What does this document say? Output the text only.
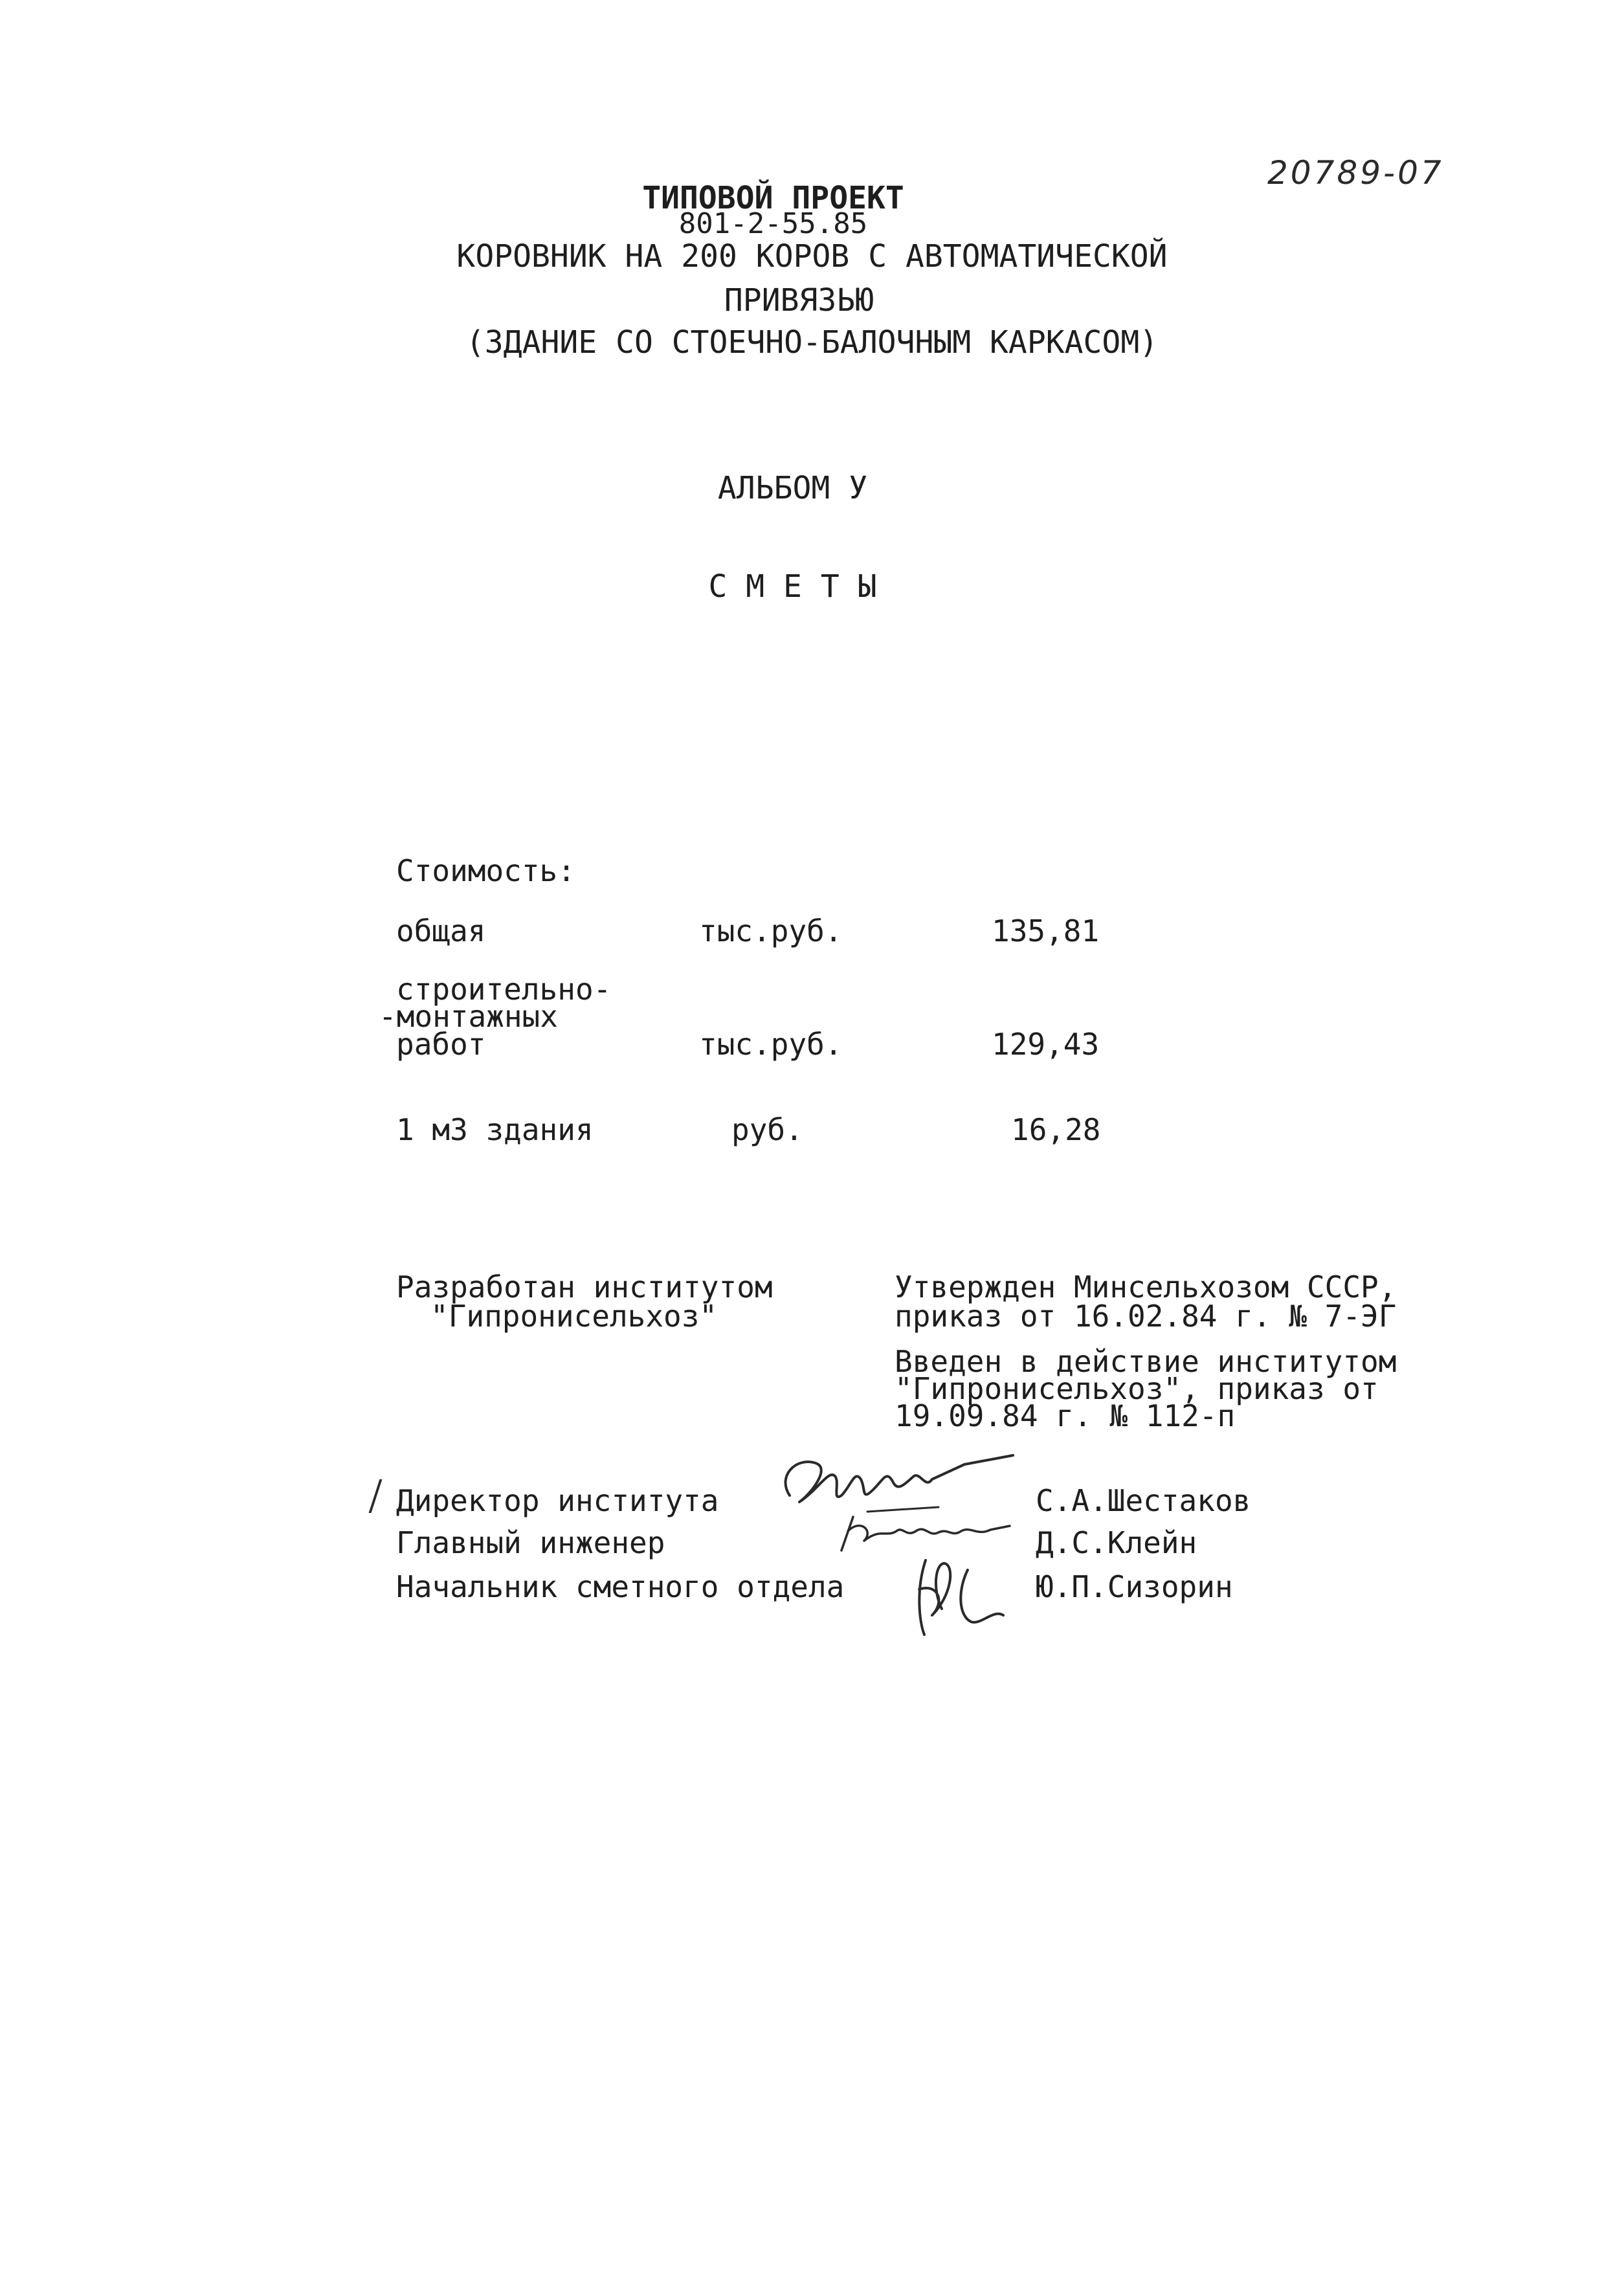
20789-07
ТИПОВОЙ ПРОЕКТ
801-2-55.85
КОРОВНИК НА 200 КОРОВ С АВТОМАТИЧЕСКОЙ
ПРИВЯЗЬЮ
(ЗДАНИЕ СО СТОЕЧНО-БАЛОЧНЫМ КАРКАСОМ)
АЛЬБОМ У
С М Е Т Ы
Стоимость:
общая	тыс.руб.	135,81
строительно-
-монтажных
работ	тыс.руб.	129,43
1 м3 здания	руб.	16,28
Разработан институтом
"Гипронисельхоз"
Утвержден Минсельхозом СССР,
приказ от 16.02.84 г. № 7-ЭГ
Введен в действие институтом
"Гипронисельхоз", приказ от
19.09.84 г. № 112-п
Директор института	С.А.Шестаков
Главный инженер	Д.С.Клейн
Начальник сметного отдела	Ю.П.Сизорин
